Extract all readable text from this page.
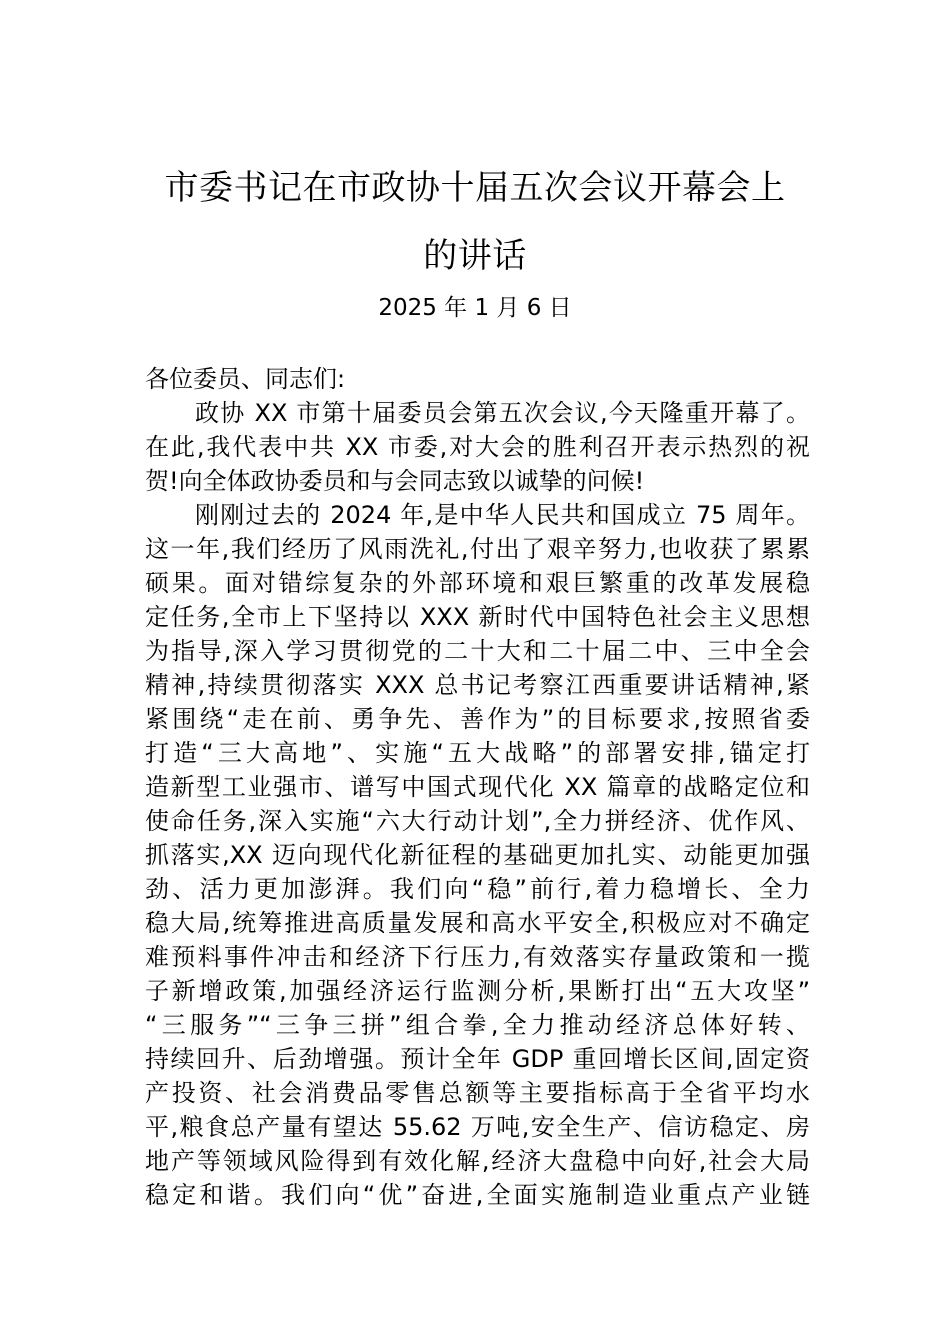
市委书记在市政协十届五次会议开幕会上
的讲话
2025 年 1 月 6 日
各位委员、同志们:
政协 XX 市第十届委员会第五次会议,今天隆重开幕了。
在此,我代表中共 XX 市委,对大会的胜利召开表示热烈的祝
贺!向全体政协委员和与会同志致以诚挚的问候!
刚刚过去的 2024 年,是中华人民共和国成立 75 周年。
这一年,我们经历了风雨洗礼,付出了艰辛努力,也收获了累累
硕果。面对错综复杂的外部环境和艰巨繁重的改革发展稳
定任务,全市上下坚持以 XXX 新时代中国特色社会主义思想
为指导,深入学习贯彻党的二十大和二十届二中、三中全会
精神,持续贯彻落实 XXX 总书记考察江西重要讲话精神,紧
紧围绕“走在前、勇争先、善作为”的目标要求,按照省委
打造“三大高地”、实施“五大战略”的部署安排,锚定打
造新型工业强市、谱写中国式现代化 XX 篇章的战略定位和
使命任务,深入实施“六大行动计划”,全力拼经济、优作风、
抓落实,XX 迈向现代化新征程的基础更加扎实、动能更加强
劲、活力更加澎湃。我们向“稳”前行,着力稳增长、全力
稳大局,统筹推进高质量发展和高水平安全,积极应对不确定
难预料事件冲击和经济下行压力,有效落实存量政策和一揽
子新增政策,加强经济运行监测分析,果断打出“五大攻坚”
“三服务”“三争三拼”组合拳,全力推动经济总体好转、
持续回升、后劲增强。预计全年 GDP 重回增长区间,固定资
产投资、社会消费品零售总额等主要指标高于全省平均水
平,粮食总产量有望达 55.62 万吨,安全生产、信访稳定、房
地产等领域风险得到有效化解,经济大盘稳中向好,社会大局
稳定和谐。我们向“优”奋进,全面实施制造业重点产业链
